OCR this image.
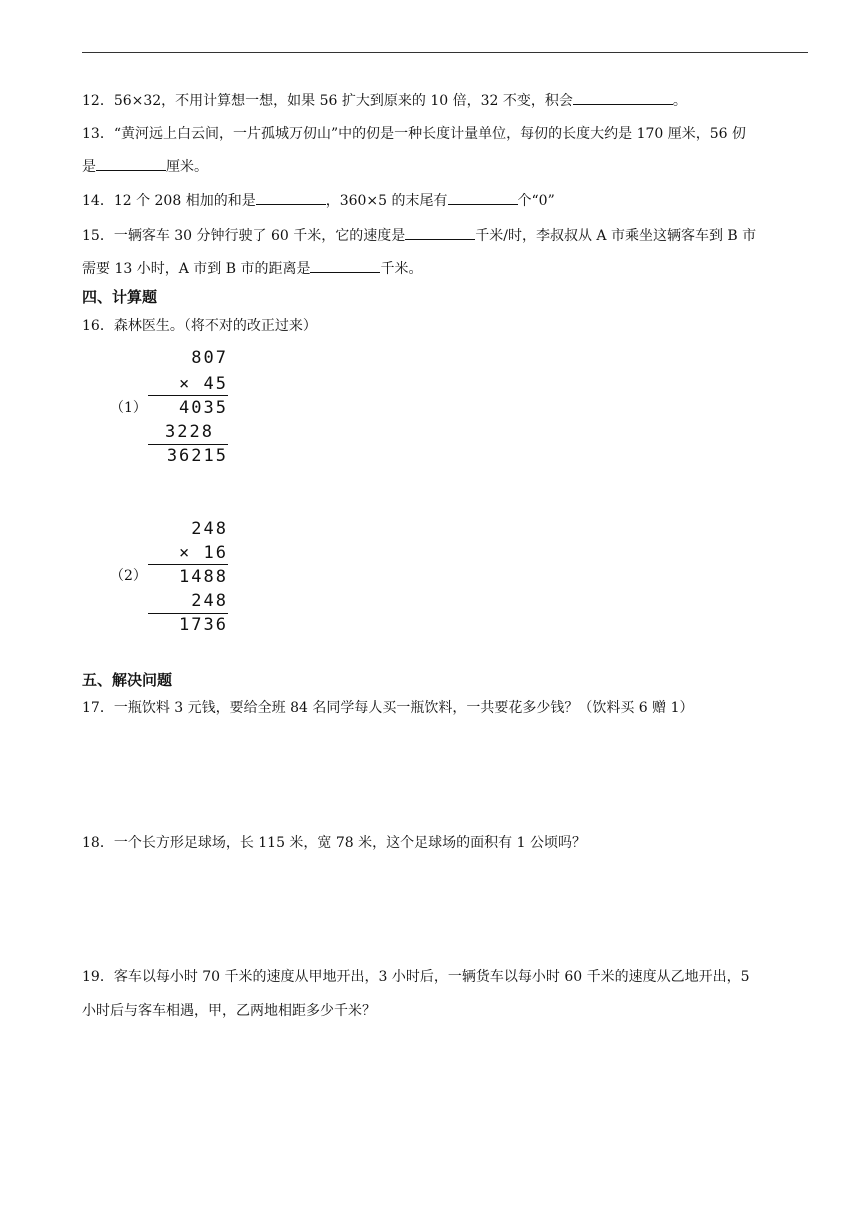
12．56×32，不用计算想一想，如果 56 扩大到原来的 10 倍，32 不变，积会	。
13．“黄河远上白云间，一片孤城万仞山”中的仞是一种长度计量单位，每仞的长度大约是 170 厘米，56 仞
是	厘米。
14．12 个 208 相加的和是	，360×5 的末尾有	个“0”
15．一辆客车 30 分钟行驶了 60 千米，它的速度是	千米/时，李叔叔从 A 市乘坐这辆客车到 B 市
需要 13 小时，A 市到 B 市的距离是	千米。
四、计算题
16．森林医生。（将不对的改正过来）
（1）
807
× 45
4035
3228
36215
（2）
248
× 16
1488
248
1736
五、解决问题
17．一瓶饮料 3 元钱，要给全班 84 名同学每人买一瓶饮料，一共要花多少钱？（饮料买 6 赠 1）
18．一个长方形足球场，长 115 米，宽 78 米，这个足球场的面积有 1 公顷吗？
19．客车以每小时 70 千米的速度从甲地开出，3 小时后，一辆货车以每小时 60 千米的速度从乙地开出，5
小时后与客车相遇，甲，乙两地相距多少千米？
